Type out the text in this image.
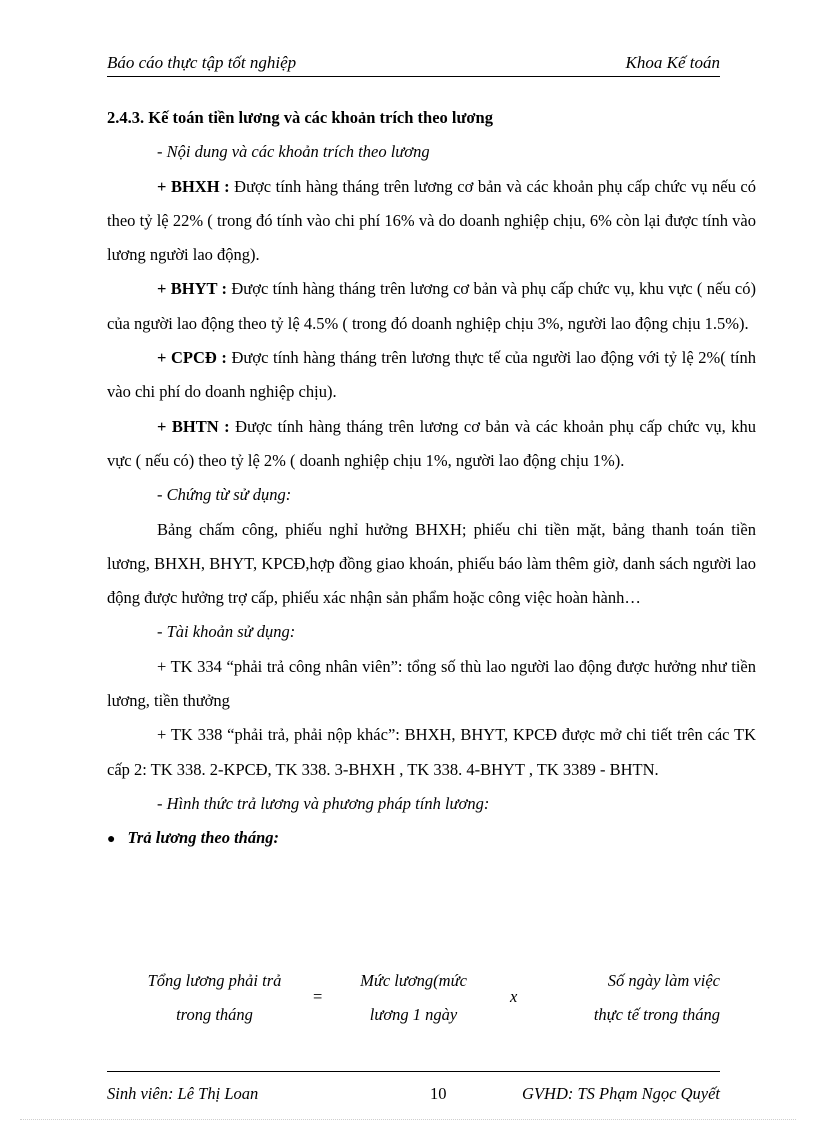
Báo cáo thực tập tốt nghiệp	Khoa Kế toán

2.4.3. Kế toán tiền lương và các khoản trích theo lương

- Nội dung và các khoản trích theo lương

+ BHXH : Được tính hàng tháng trên lương cơ bản và các khoản phụ cấp chức vụ nếu có theo tỷ lệ 22% ( trong đó tính vào chi phí 16% và do doanh nghiệp chịu, 6% còn lại được tính vào lương người lao động).

+ BHYT : Được tính hàng tháng trên lương cơ bản và phụ cấp chức vụ, khu vực ( nếu có) của người lao động theo tỷ lệ 4.5% ( trong đó doanh nghiệp chịu 3%, người lao động chịu 1.5%).

+ CPCĐ : Được tính hàng tháng trên lương thực tế của người lao động với tỷ lệ 2%( tính vào chi phí do doanh nghiệp chịu).

+ BHTN : Được tính hàng tháng trên lương cơ bản và các khoản phụ cấp chức vụ, khu vực ( nếu có) theo tỷ lệ 2% ( doanh nghiệp chịu 1%, người lao động chịu 1%).

- Chứng từ sử dụng:

Bảng chấm công, phiếu nghỉ hưởng BHXH; phiếu chi tiền mặt, bảng thanh toán tiền lương, BHXH, BHYT, KPCĐ,hợp đồng giao khoán, phiếu báo làm thêm giờ, danh sách người lao động được hưởng trợ cấp, phiếu xác nhận sản phẩm hoặc công việc hoàn hành…

- Tài khoản sử dụng:

+ TK 334 “phải trả công nhân viên”: tổng số thù lao người lao động được hưởng như tiền lương, tiền thưởng

+ TK 338 “phải trả, phải nộp khác”: BHXH, BHYT, KPCĐ được mở chi tiết trên các TK cấp 2: TK 338. 2-KPCĐ, TK 338. 3-BHXH , TK 338. 4-BHYT , TK 3389 - BHTN.

- Hình thức trả lương và phương pháp tính lương:

● Trả lương theo tháng:

Tổng lương phải trả
trong tháng
=
Mức lương(mức
lương 1 ngày
x
Số ngày làm việc
thực tế trong tháng
Sinh viên: Lê Thị Loan	10	GVHD: TS Phạm Ngọc Quyết
